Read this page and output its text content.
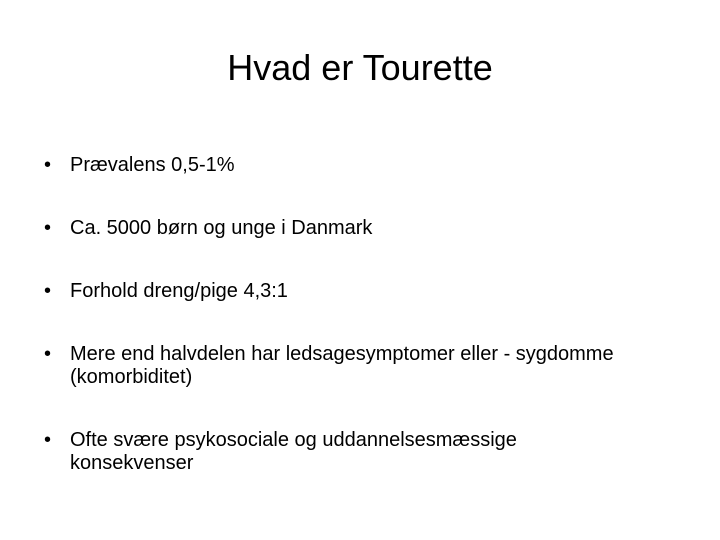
Hvad er Tourette
• Prævalens 0,5-1%
• Ca. 5000 børn og unge i Danmark
• Forhold dreng/pige 4,3:1
• Mere end halvdelen har ledsagesymptomer eller - sygdomme (komorbiditet)
• Ofte svære psykosociale og uddannelsesmæssige konsekvenser
